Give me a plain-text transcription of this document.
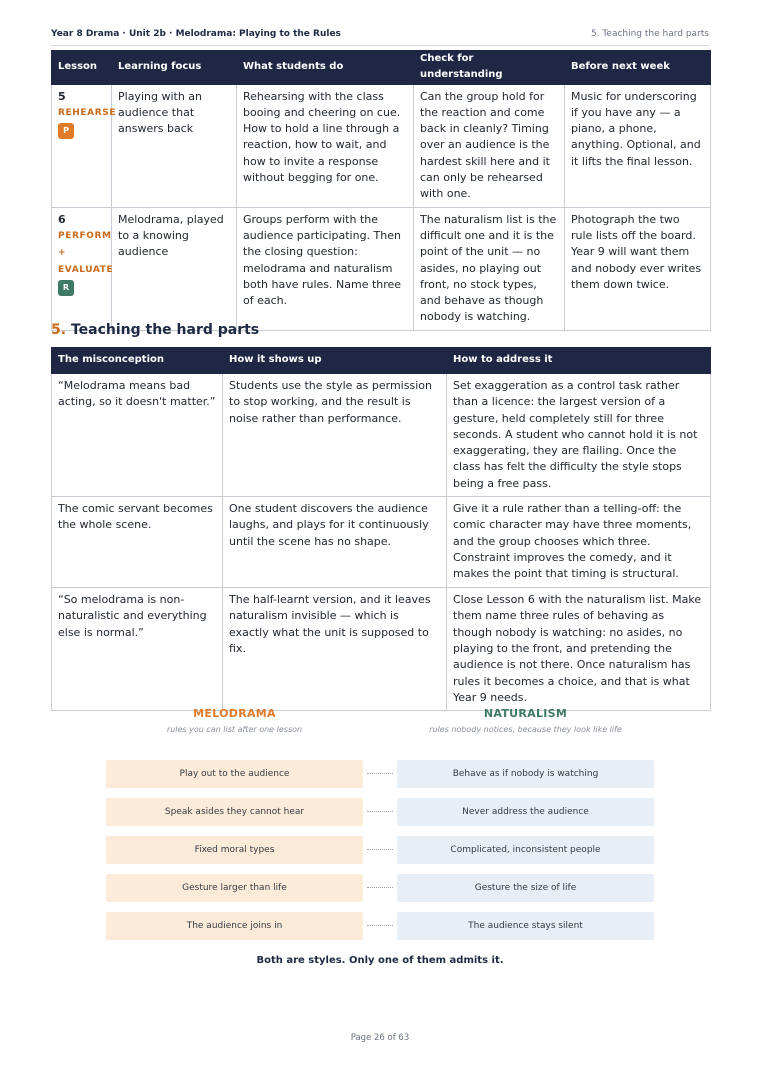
Year 8 Drama · Unit 2b · Melodrama: Playing to the Rules	5. Teaching the hard parts
Lesson	Learning focus	What students do	Check for understanding	Before next week

5
REHEARSE
P	Playing with an audience that answers back	Rehearsing with the class booing and cheering on cue. How to hold a line through a reaction, how to wait, and how to invite a response without begging for one.	Can the group hold for the reaction and come back in cleanly? Timing over an audience is the hardest skill here and it can only be rehearsed with one.	Music for underscoring if you have any — a piano, a phone, anything. Optional, and it lifts the final lesson.

6
PERFORM
+
EVALUATE
R	Melodrama, played to a knowing audience	Groups perform with the audience participating. Then the closing question: melodrama and naturalism both have rules. Name three of each.	The naturalism list is the difficult one and it is the point of the unit — no asides, no playing out front, no stock types, and behave as though nobody is watching.	Photograph the two rule lists off the board. Year 9 will want them and nobody ever writes them down twice.
5. Teaching the hard parts
The misconception	How it shows up	How to address it
“Melodrama means bad acting, so it doesn't matter.”	Students use the style as permission to stop working, and the result is noise rather than performance.	Set exaggeration as a control task rather than a licence: the largest version of a gesture, held completely still for three seconds. A student who cannot hold it is not exaggerating, they are flailing. Once the class has felt the difficulty the style stops being a free pass.
The comic servant becomes the whole scene.	One student discovers the audience laughs, and plays for it continuously until the scene has no shape.	Give it a rule rather than a telling-off: the comic character may have three moments, and the group chooses which three. Constraint improves the comedy, and it makes the point that timing is structural.
“So melodrama is non-naturalistic and everything else is normal.”	The half-learnt version, and it leaves naturalism invisible — which is exactly what the unit is supposed to fix.	Close Lesson 6 with the naturalism list. Make them name three rules of behaving as though nobody is watching: no asides, no playing to the front, and pretending the audience is not there. Once naturalism has rules it becomes a choice, and that is what Year 9 needs.
MELODRAMA
rules you can list after one lesson
NATURALISM
rules nobody notices, because they look like life
Play out to the audience	Behave as if nobody is watching
Speak asides they cannot hear	Never address the audience
Fixed moral types	Complicated, inconsistent people
Gesture larger than life	Gesture the size of life
The audience joins in	The audience stays silent
Both are styles. Only one of them admits it.
Page 26 of 63
